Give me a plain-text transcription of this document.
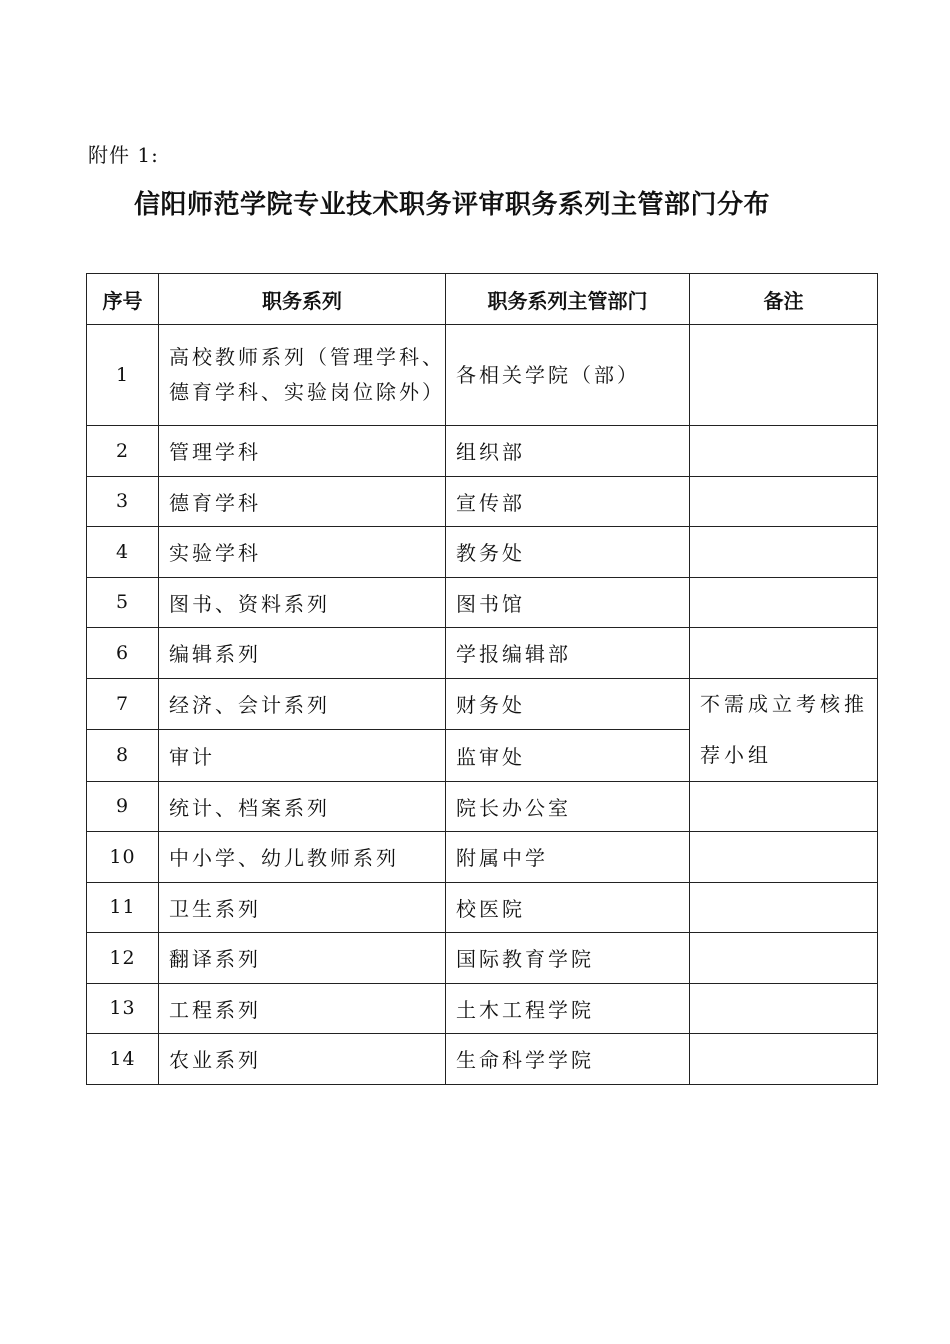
附件 1:
信阳师范学院专业技术职务评审职务系列主管部门分布
序号	职务系列	职务系列主管部门	备注
1	高校教师系列（管理学科、德育学科、实验岗位除外）	各相关学院（部）	
2	管理学科	组织部	
3	德育学科	宣传部	
4	实验学科	教务处	
5	图书、资料系列	图书馆	
6	编辑系列	学报编辑部	
7	经济、会计系列	财务处	不需成立考核推荐小组
8	审计	监审处	
9	统计、档案系列	院长办公室	
10	中小学、幼儿教师系列	附属中学	
11	卫生系列	校医院	
12	翻译系列	国际教育学院	
13	工程系列	土木工程学院	
14	农业系列	生命科学学院	
